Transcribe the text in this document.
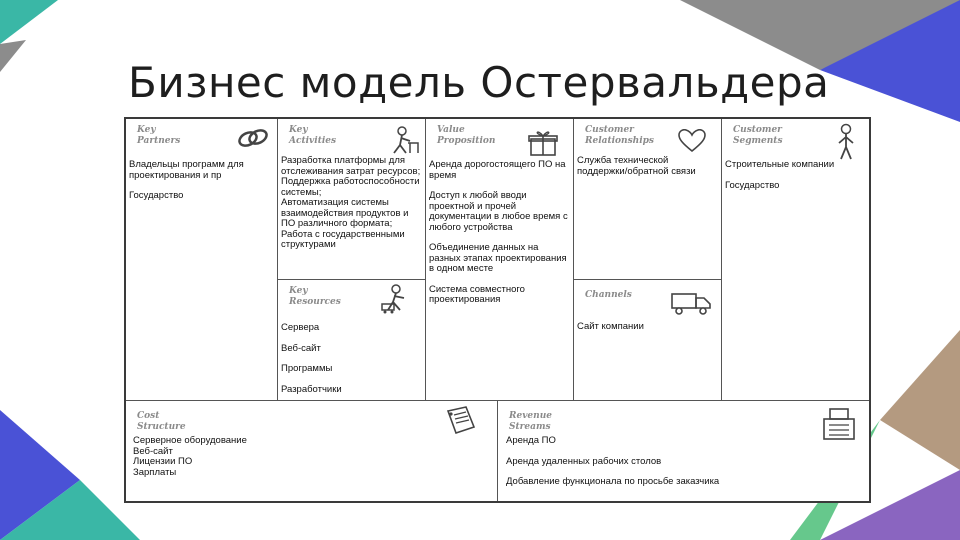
Бизнес модель Остервальдера
Key
Partners
Владельцы программ для проектирования и пр
Государство
Key
Activities
Разработка платформы для отслеживания затрат ресурсов;
Поддержка работоспособности системы;
Автоматизация системы взаимодействия продуктов и ПО различного формата;
Работа с государственными структурами
Key
Resources
Сервера
Веб-сайт
Программы
Разработчики
Value
Proposition
Аренда дорогостоящего ПО на время
Доступ к любой вводи проектной и прочей документации в любое время с любого устройства
Объединение данных на разных этапах проектирования в одном месте
Система совместного проектирования
Customer
Relationships
Служба технической поддержки/обратной связи
Channels
Сайт компании
Customer
Segments
Строительные компании
Государство
Cost
Structure
Серверное оборудование
Веб-сайт
Лицензии ПО
Зарплаты
Revenue
Streams
Аренда ПО
Аренда удаленных рабочих столов
Добавление функционала по просьбе заказчика
